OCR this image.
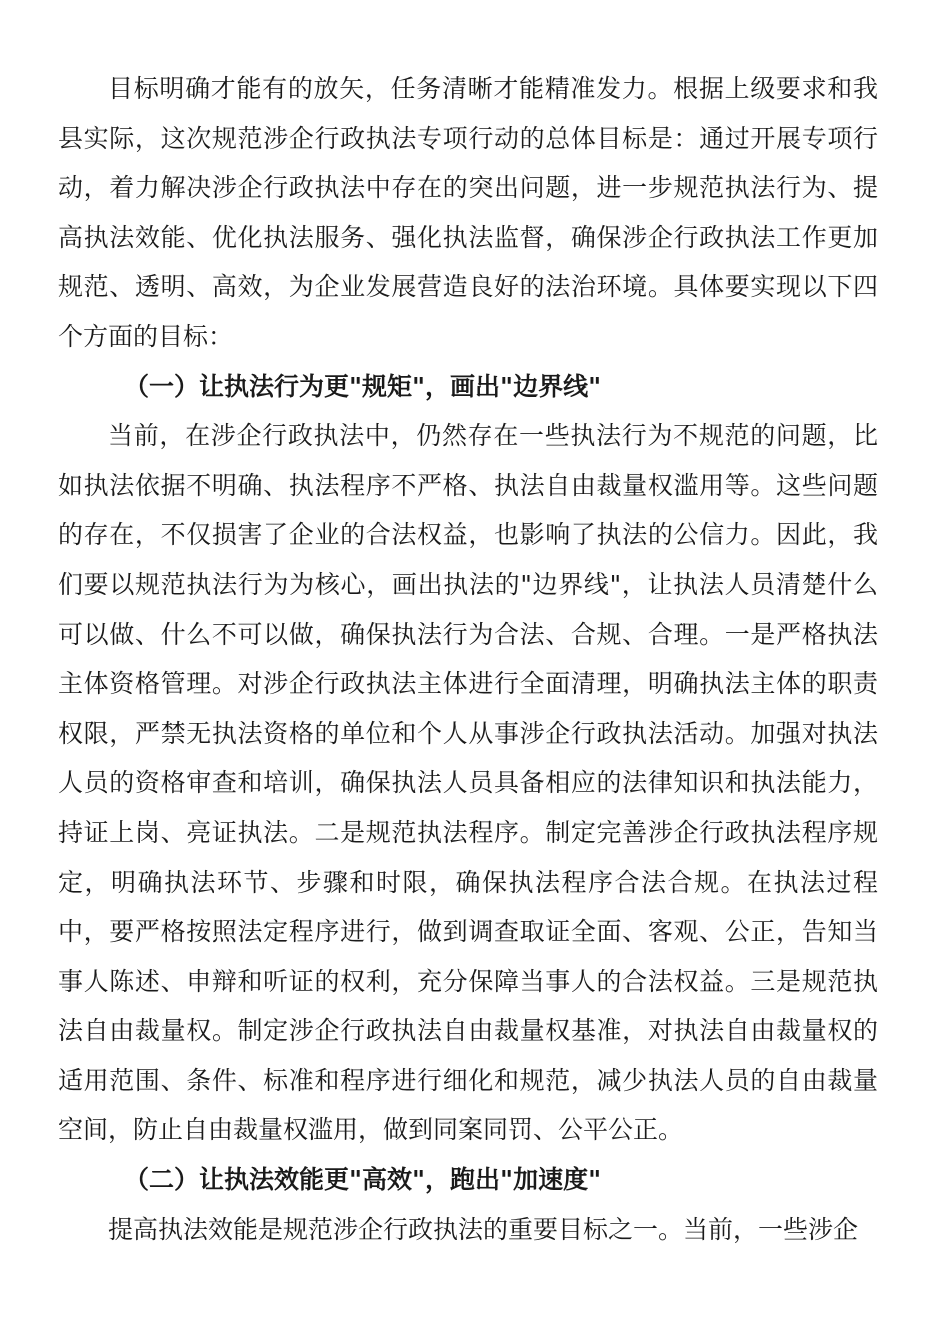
目标明确才能有的放矢，任务清晰才能精准发力。根据上级要求和我县实际，这次规范涉企行政执法专项行动的总体目标是：通过开展专项行动，着力解决涉企行政执法中存在的突出问题，进一步规范执法行为、提高执法效能、优化执法服务、强化执法监督，确保涉企行政执法工作更加规范、透明、高效，为企业发展营造良好的法治环境。具体要实现以下四个方面的目标：

（一）让执法行为更"规矩"，画出"边界线"

当前，在涉企行政执法中，仍然存在一些执法行为不规范的问题，比如执法依据不明确、执法程序不严格、执法自由裁量权滥用等。这些问题的存在，不仅损害了企业的合法权益，也影响了执法的公信力。因此，我们要以规范执法行为为核心，画出执法的"边界线"，让执法人员清楚什么可以做、什么不可以做，确保执法行为合法、合规、合理。一是严格执法主体资格管理。对涉企行政执法主体进行全面清理，明确执法主体的职责权限，严禁无执法资格的单位和个人从事涉企行政执法活动。加强对执法人员的资格审查和培训，确保执法人员具备相应的法律知识和执法能力，持证上岗、亮证执法。二是规范执法程序。制定完善涉企行政执法程序规定，明确执法环节、步骤和时限，确保执法程序合法合规。在执法过程中，要严格按照法定程序进行，做到调查取证全面、客观、公正，告知当事人陈述、申辩和听证的权利，充分保障当事人的合法权益。三是规范执法自由裁量权。制定涉企行政执法自由裁量权基准，对执法自由裁量权的适用范围、条件、标准和程序进行细化和规范，减少执法人员的自由裁量空间，防止自由裁量权滥用，做到同案同罚、公平公正。

（二）让执法效能更"高效"，跑出"加速度"

提高执法效能是规范涉企行政执法的重要目标之一。当前，一些涉企
